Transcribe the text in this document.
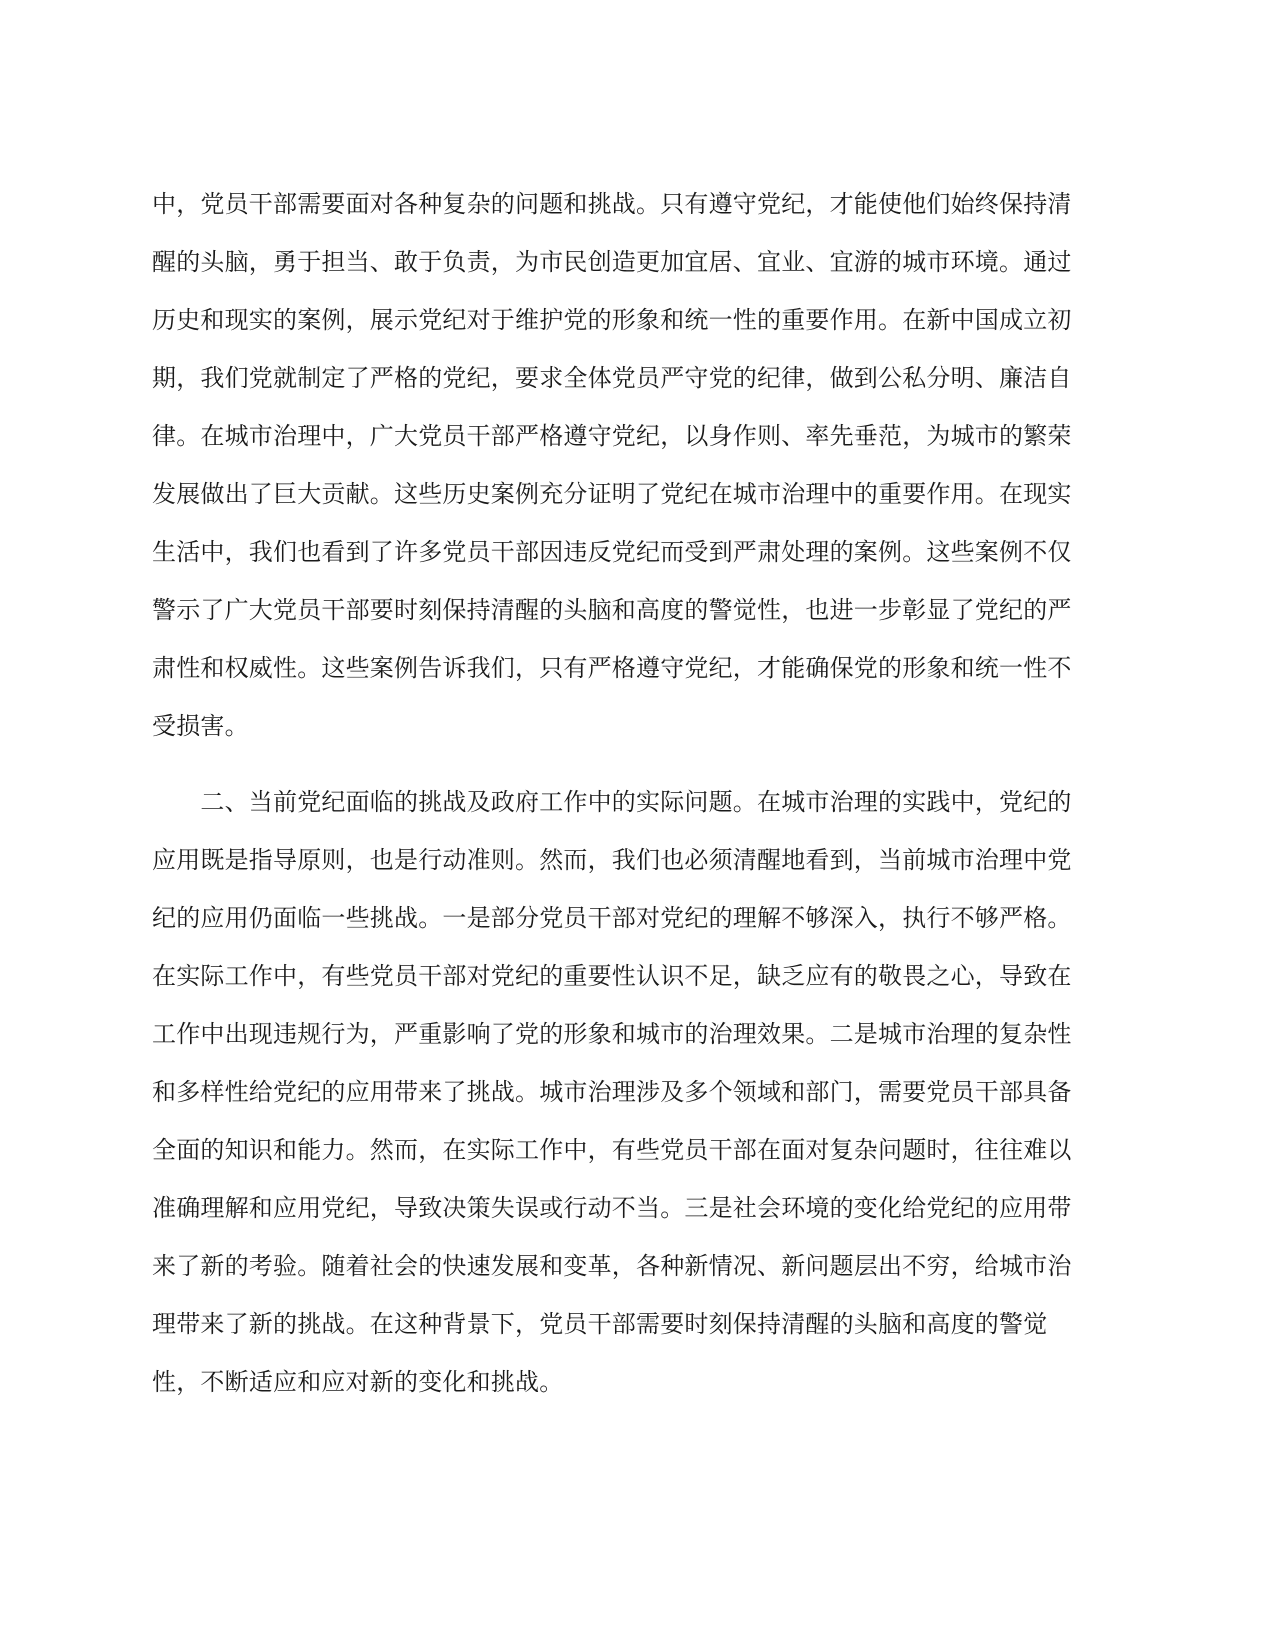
中，党员干部需要面对各种复杂的问题和挑战。只有遵守党纪，才能使他们始终保持清
醒的头脑，勇于担当、敢于负责，为市民创造更加宜居、宜业、宜游的城市环境。通过
历史和现实的案例，展示党纪对于维护党的形象和统一性的重要作用。在新中国成立初
期，我们党就制定了严格的党纪，要求全体党员严守党的纪律，做到公私分明、廉洁自
律。在城市治理中，广大党员干部严格遵守党纪，以身作则、率先垂范，为城市的繁荣
发展做出了巨大贡献。这些历史案例充分证明了党纪在城市治理中的重要作用。在现实
生活中，我们也看到了许多党员干部因违反党纪而受到严肃处理的案例。这些案例不仅
警示了广大党员干部要时刻保持清醒的头脑和高度的警觉性，也进一步彰显了党纪的严
肃性和权威性。这些案例告诉我们，只有严格遵守党纪，才能确保党的形象和统一性不
受损害。
　　二、当前党纪面临的挑战及政府工作中的实际问题。在城市治理的实践中，党纪的
应用既是指导原则，也是行动准则。然而，我们也必须清醒地看到，当前城市治理中党
纪的应用仍面临一些挑战。一是部分党员干部对党纪的理解不够深入，执行不够严格。
在实际工作中，有些党员干部对党纪的重要性认识不足，缺乏应有的敬畏之心，导致在
工作中出现违规行为，严重影响了党的形象和城市的治理效果。二是城市治理的复杂性
和多样性给党纪的应用带来了挑战。城市治理涉及多个领域和部门，需要党员干部具备
全面的知识和能力。然而，在实际工作中，有些党员干部在面对复杂问题时，往往难以
准确理解和应用党纪，导致决策失误或行动不当。三是社会环境的变化给党纪的应用带
来了新的考验。随着社会的快速发展和变革，各种新情况、新问题层出不穷，给城市治
理带来了新的挑战。在这种背景下，党员干部需要时刻保持清醒的头脑和高度的警觉
性，不断适应和应对新的变化和挑战。
